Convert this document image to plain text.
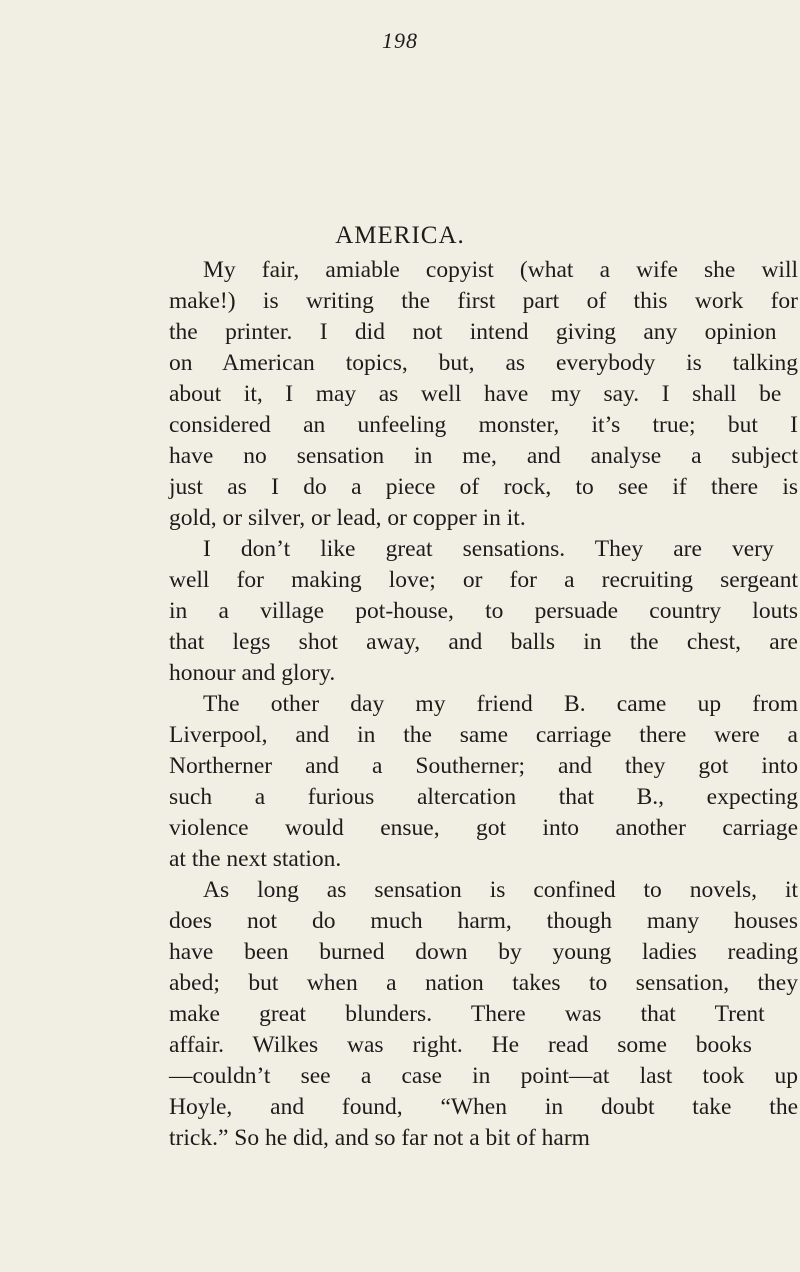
198
AMERICA.
My fair, amiable copyist (what a wife she will
make!) is writing the first part of this work for
the printer. I did not intend giving any opinion
on American topics, but, as everybody is talking
about it, I may as well have my say. I shall be
considered an unfeeling monster, it’s true; but I
have no sensation in me, and analyse a subject
just as I do a piece of rock, to see if there is
gold, or silver, or lead, or copper in it.
I don’t like great sensations. They are very
well for making love; or for a recruiting sergeant
in a village pot-house, to persuade country louts
that legs shot away, and balls in the chest, are
honour and glory.
The other day my friend B. came up from
Liverpool, and in the same carriage there were a
Northerner and a Southerner; and they got into
such a furious altercation that B., expecting
violence would ensue, got into another carriage
at the next station.
As long as sensation is confined to novels, it
does not do much harm, though many houses
have been burned down by young ladies reading
abed; but when a nation takes to sensation, they
make great blunders. There was that Trent
affair. Wilkes was right. He read some books
—couldn’t see a case in point—at last took up
Hoyle, and found, “When in doubt take the
trick.” So he did, and so far not a bit of harm
